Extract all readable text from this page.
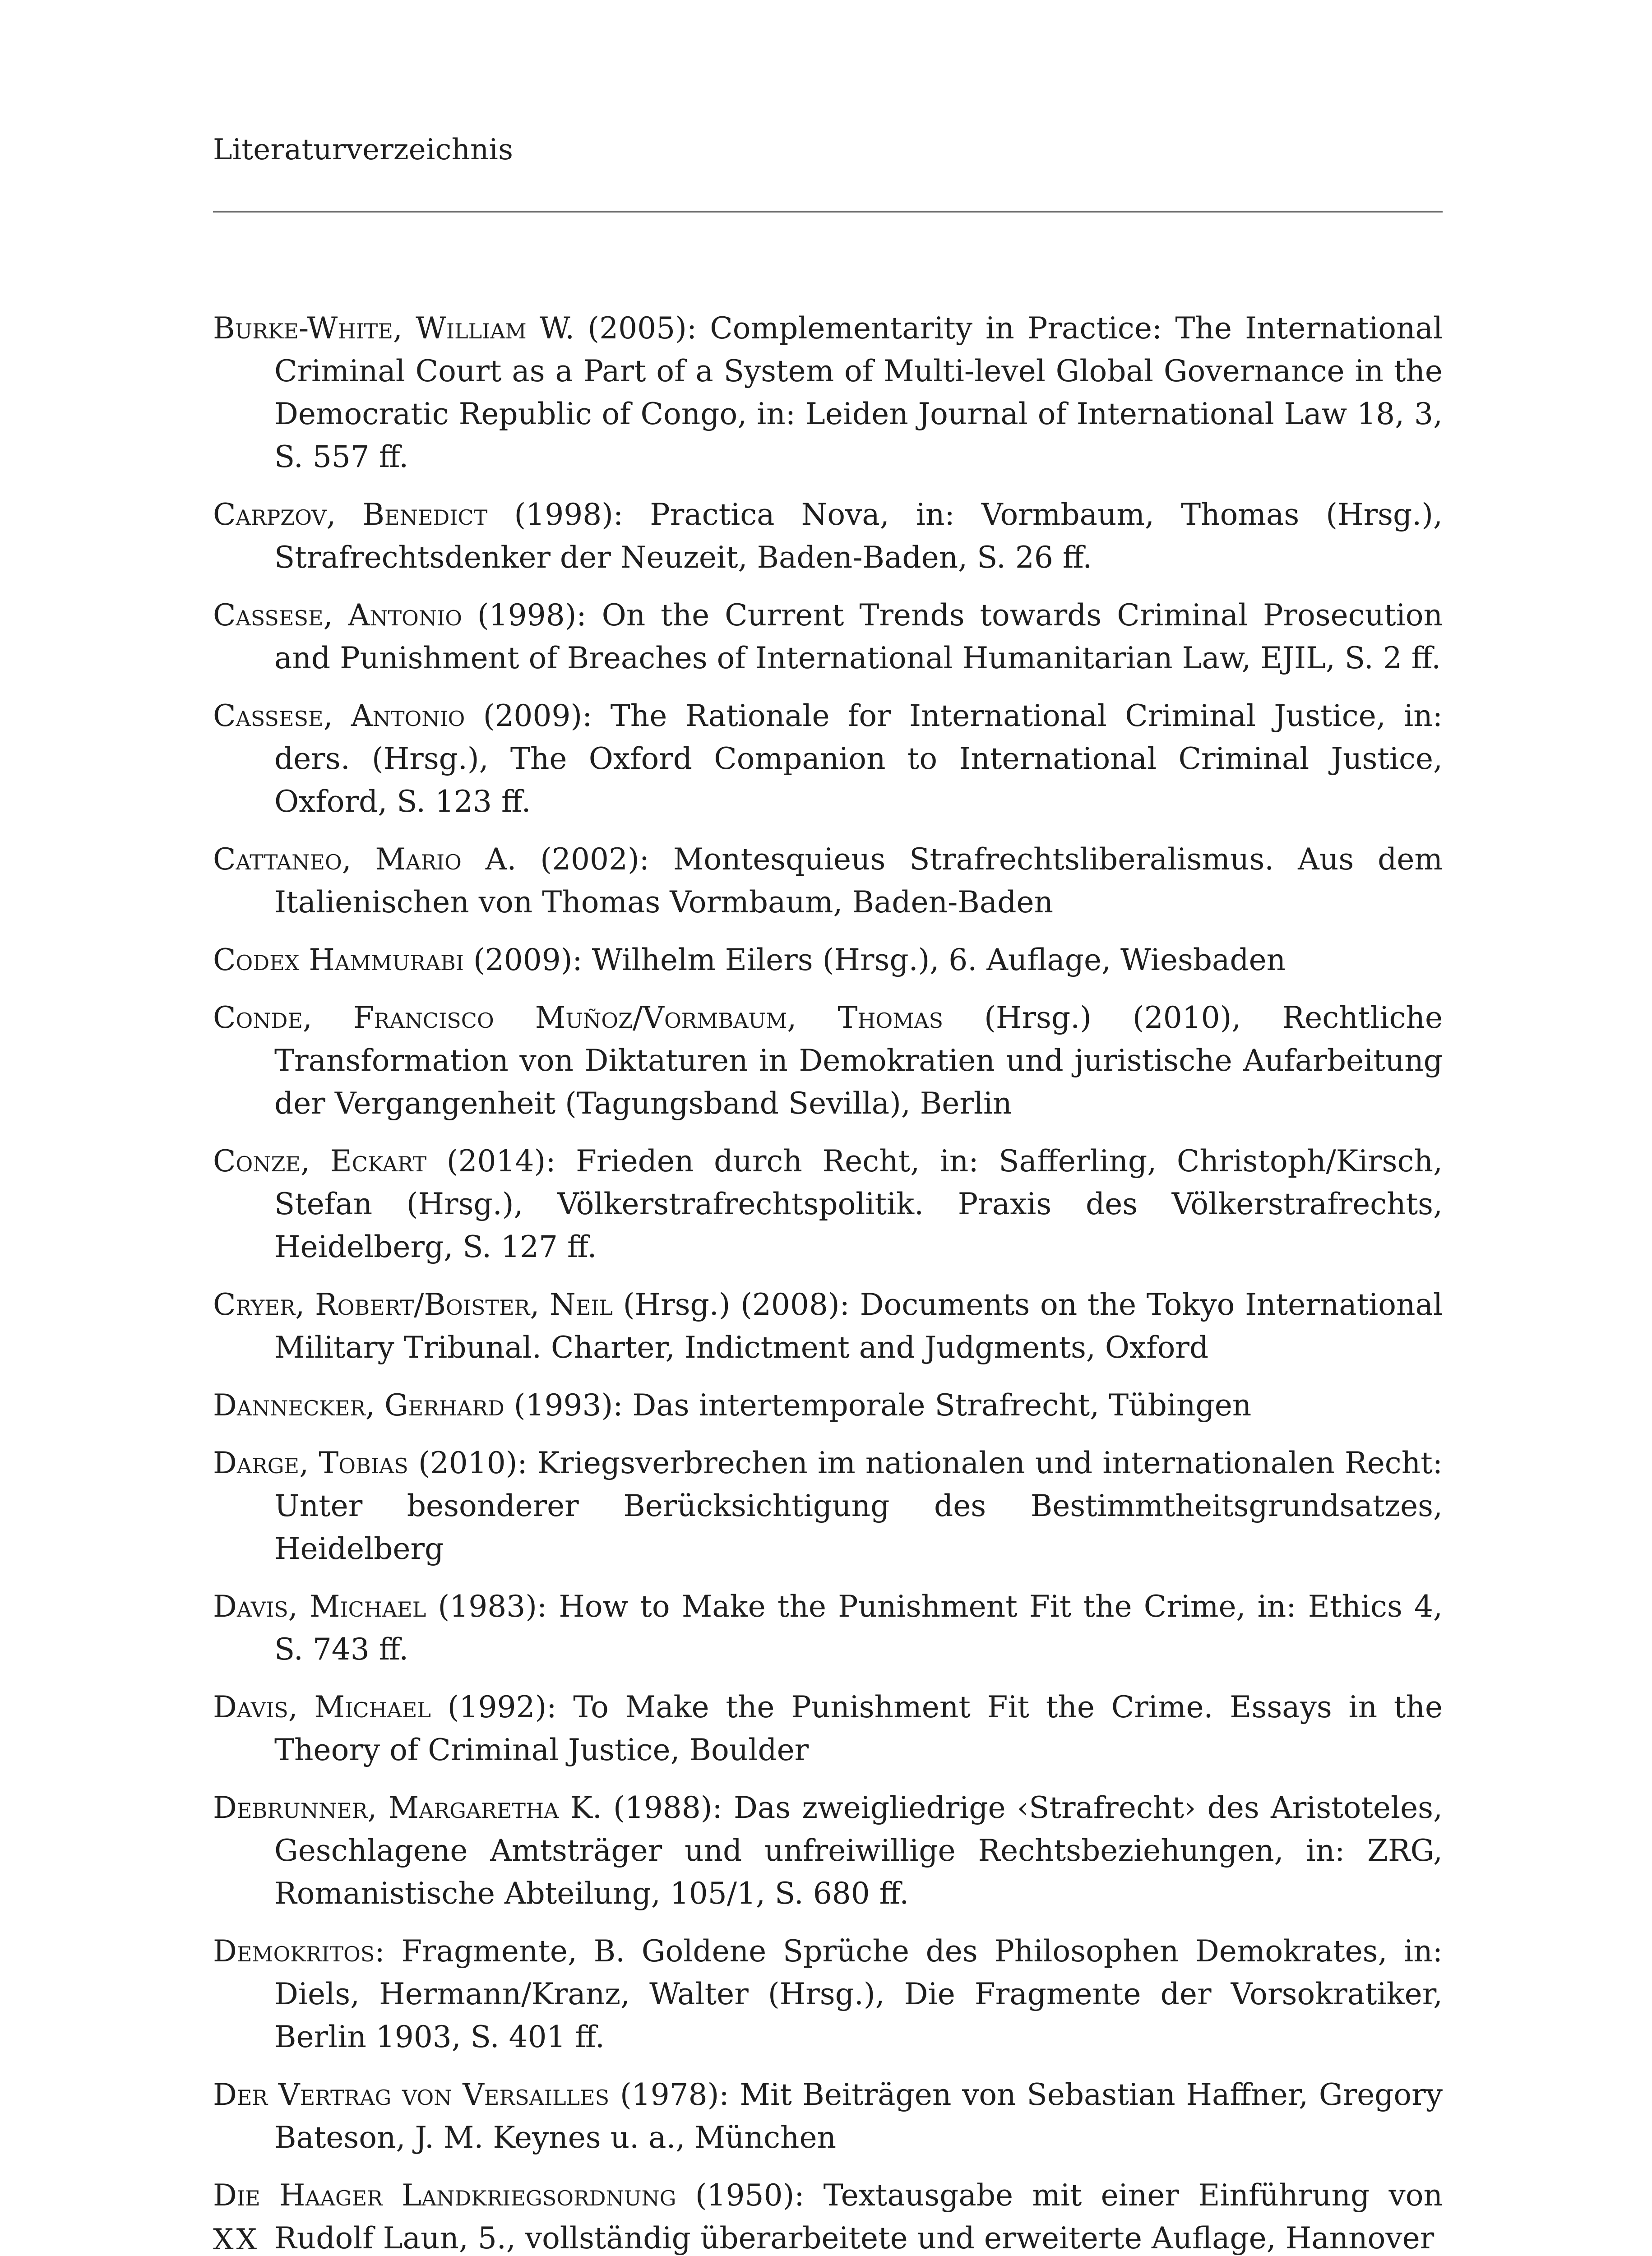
Literaturverzeichnis
Burke-White, William W. (2005): Complementarity in Practice: The International Criminal Court as a Part of a System of Multi-level Global Governance in the Democratic Republic of Congo, in: Leiden Journal of International Law 18, 3, S. 557 ff.
Carpzov, Benedict (1998): Practica Nova, in: Vormbaum, Thomas (Hrsg.), Strafrechtsdenker der Neuzeit, Baden-Baden, S. 26 ff.
Cassese, Antonio (1998): On the Current Trends towards Criminal Prosecution and Punishment of Breaches of International Humanitarian Law, EJIL, S. 2 ff.
Cassese, Antonio (2009): The Rationale for International Criminal Justice, in: ders. (Hrsg.), The Oxford Companion to International Criminal Justice, Oxford, S. 123 ff.
Cattaneo, Mario A. (2002): Montesquieus Strafrechtsliberalismus. Aus dem Italienischen von Thomas Vormbaum, Baden-Baden
Codex Hammurabi (2009): Wilhelm Eilers (Hrsg.), 6. Auflage, Wiesbaden
Conde, Francisco Muñoz/Vormbaum, Thomas (Hrsg.) (2010), Rechtliche Transformation von Diktaturen in Demokratien und juristische Aufarbeitung der Vergangenheit (Tagungsband Sevilla), Berlin
Conze, Eckart (2014): Frieden durch Recht, in: Safferling, Christoph/Kirsch, Stefan (Hrsg.), Völkerstrafrechtspolitik. Praxis des Völkerstrafrechts, Heidelberg, S. 127 ff.
Cryer, Robert/Boister, Neil (Hrsg.) (2008): Documents on the Tokyo International Military Tribunal. Charter, Indictment and Judgments, Oxford
Dannecker, Gerhard (1993): Das intertemporale Strafrecht, Tübingen
Darge, Tobias (2010): Kriegsverbrechen im nationalen und internationalen Recht: Unter besonderer Berücksichtigung des Bestimmtheitsgrundsatzes, Heidelberg
Davis, Michael (1983): How to Make the Punishment Fit the Crime, in: Ethics 4, S. 743 ff.
Davis, Michael (1992): To Make the Punishment Fit the Crime. Essays in the Theory of Criminal Justice, Boulder
Debrunner, Margaretha K. (1988): Das zweigliedrige ‹Strafrecht› des Aristoteles, Geschlagene Amtsträger und unfreiwillige Rechtsbeziehungen, in: ZRG, Romanistische Abteilung, 105/1, S. 680 ff.
Demokritos: Fragmente, B. Goldene Sprüche des Philosophen Demokrates, in: Diels, Hermann/Kranz, Walter (Hrsg.), Die Fragmente der Vorsokratiker, Berlin 1903, S. 401 ff.
Der Vertrag von Versailles (1978): Mit Beiträgen von Sebastian Haffner, Gregory Bateson, J. M. Keynes u. a., München
Die Haager Landkriegsordnung (1950): Textausgabe mit einer Einführung von Rudolf Laun, 5., vollständig überarbeitete und erweiterte Auflage, Hannover
XX
